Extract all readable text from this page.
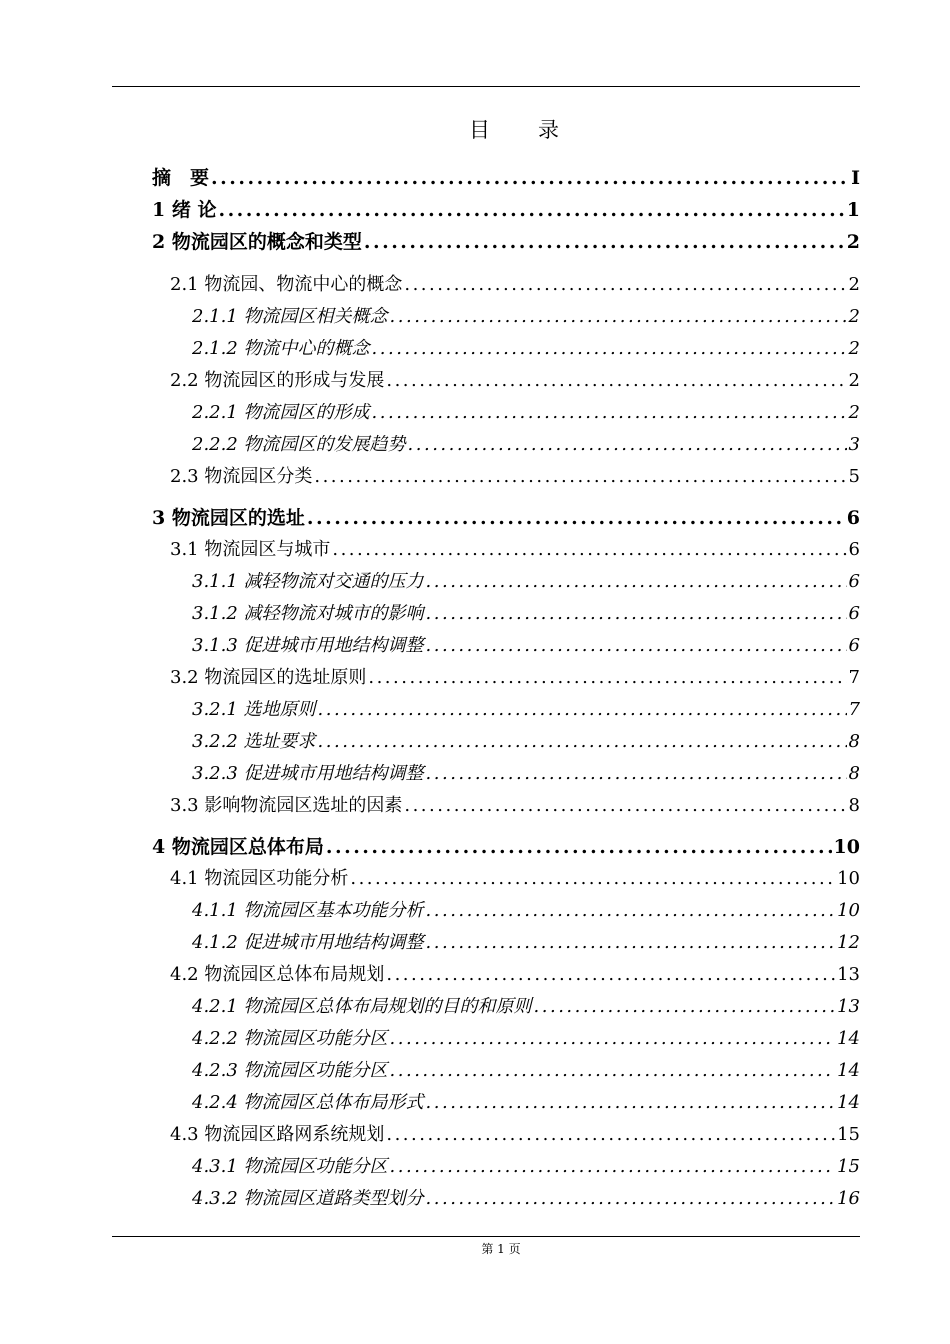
目　　录
摘　要 .....	I
1 绪 论 .....	1
2 物流园区的概念和类型 .....	2
2.1 物流园、物流中心的概念 .....	2
2.1.1 物流园区相关概念 .....	2
2.1.2 物流中心的概念 .....	2
2.2 物流园区的形成与发展 .....	2
2.2.1 物流园区的形成 .....	2
2.2.2 物流园区的发展趋势 .....	3
2.3 物流园区分类 .....	5
3 物流园区的选址 .....	6
3.1 物流园区与城市 .....	6
3.1.1 减轻物流对交通的压力 .....	6
3.1.2 减轻物流对城市的影响 .....	6
3.1.3 促进城市用地结构调整 .....	6
3.2 物流园区的选址原则 .....	7
3.2.1 选地原则 .....	7
3.2.2 选址要求 .....	8
3.2.3 促进城市用地结构调整 .....	8
3.3 影响物流园区选址的因素 .....	8
4 物流园区总体布局 .....	10
4.1 物流园区功能分析 .....	10
4.1.1 物流园区基本功能分析 .....	10
4.1.2 促进城市用地结构调整 .....	12
4.2 物流园区总体布局规划 .....	13
4.2.1 物流园区总体布局规划的目的和原则 .....	13
4.2.2 物流园区功能分区 .....	14
4.2.3 物流园区功能分区 .....	14
4.2.4 物流园区总体布局形式 .....	14
4.3 物流园区路网系统规划 .....	15
4.3.1 物流园区功能分区 .....	15
4.3.2 物流园区道路类型划分 .....	16
第 1 页
